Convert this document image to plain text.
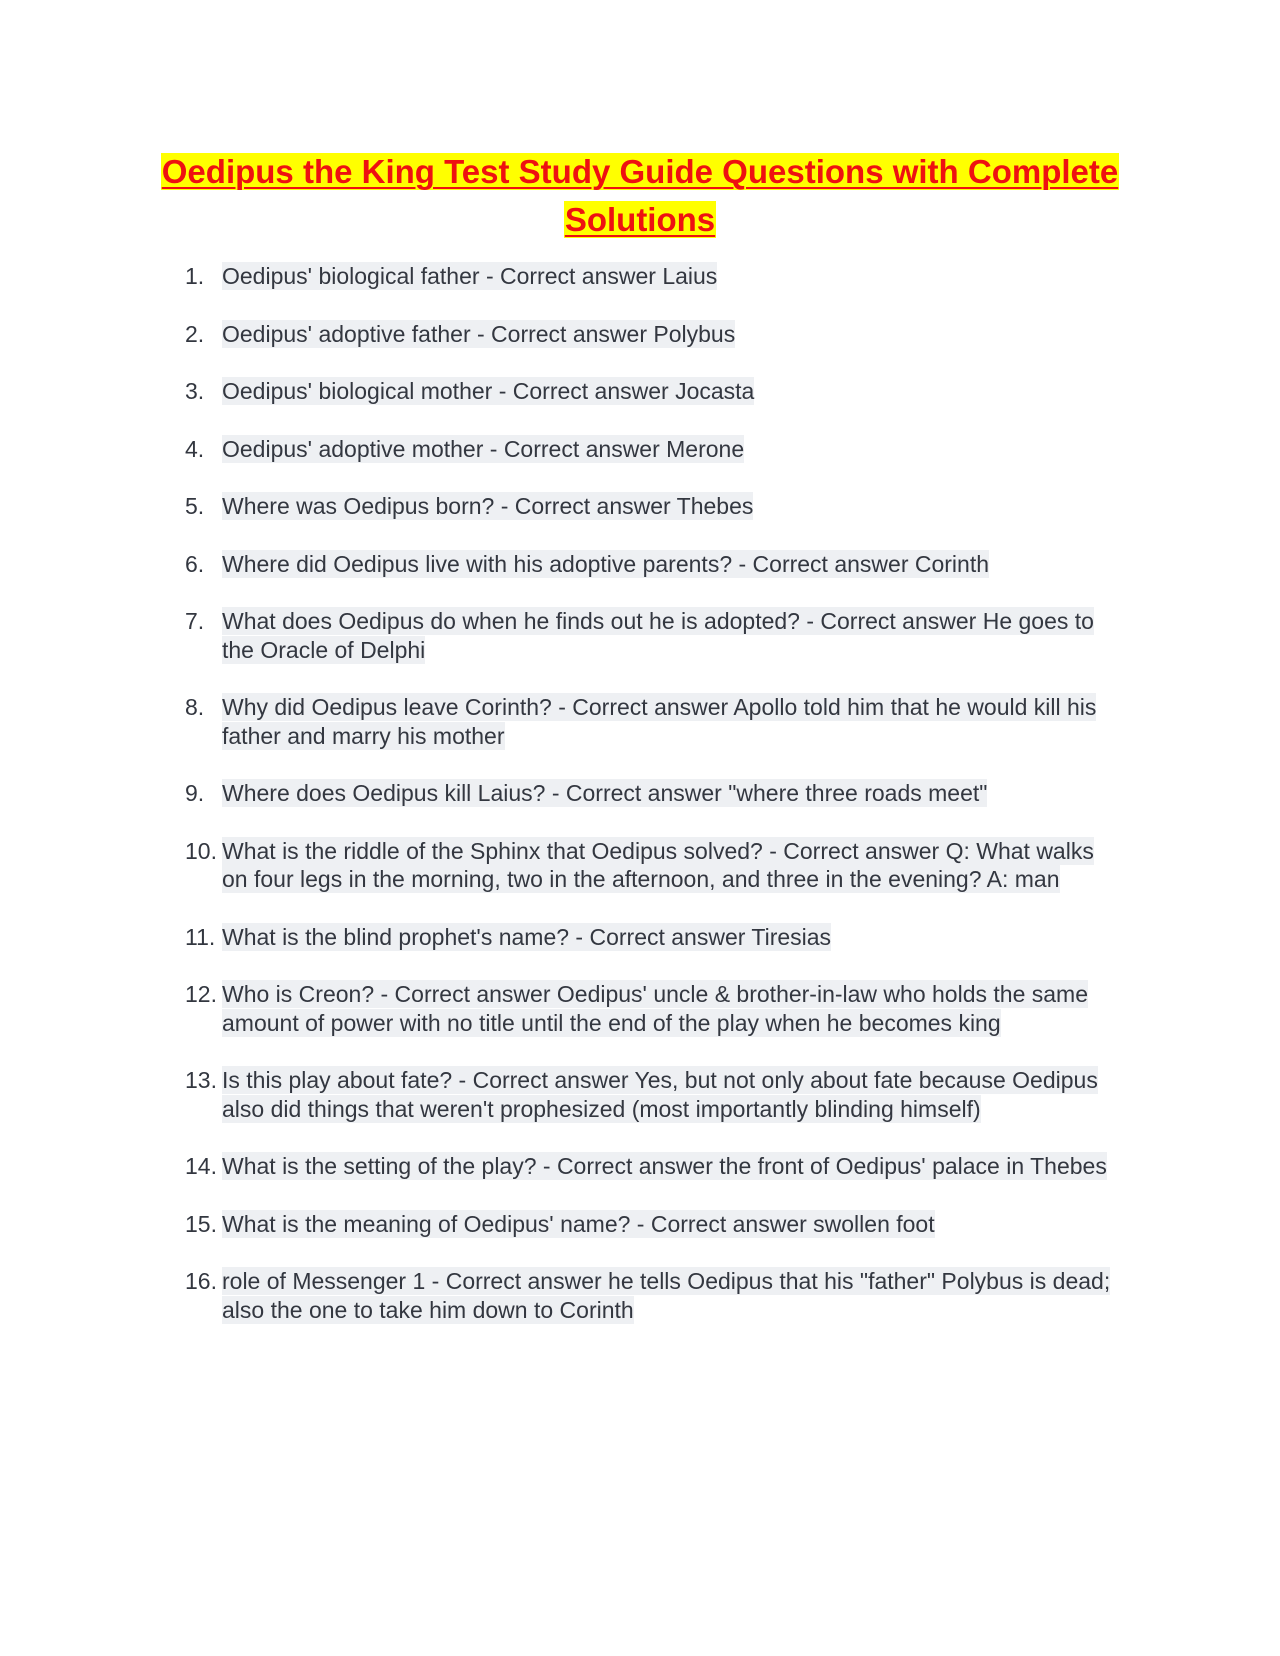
Oedipus the King Test Study Guide Questions with Complete
Solutions
1. Oedipus' biological father - Correct answer Laius
2. Oedipus' adoptive father - Correct answer Polybus
3. Oedipus' biological mother - Correct answer Jocasta
4. Oedipus' adoptive mother - Correct answer Merone
5. Where was Oedipus born? - Correct answer Thebes
6. Where did Oedipus live with his adoptive parents? - Correct answer Corinth
7. What does Oedipus do when he finds out he is adopted? - Correct answer He goes to the Oracle of Delphi
8. Why did Oedipus leave Corinth? - Correct answer Apollo told him that he would kill his father and marry his mother
9. Where does Oedipus kill Laius? - Correct answer "where three roads meet"
10. What is the riddle of the Sphinx that Oedipus solved? - Correct answer Q: What walks on four legs in the morning, two in the afternoon, and three in the evening? A: man
11. What is the blind prophet's name? - Correct answer Tiresias
12. Who is Creon? - Correct answer Oedipus' uncle & brother-in-law who holds the same amount of power with no title until the end of the play when he becomes king
13. Is this play about fate? - Correct answer Yes, but not only about fate because Oedipus also did things that weren't prophesized (most importantly blinding himself)
14. What is the setting of the play? - Correct answer the front of Oedipus' palace in Thebes
15. What is the meaning of Oedipus' name? - Correct answer swollen foot
16. role of Messenger 1 - Correct answer he tells Oedipus that his "father" Polybus is dead; also the one to take him down to Corinth
